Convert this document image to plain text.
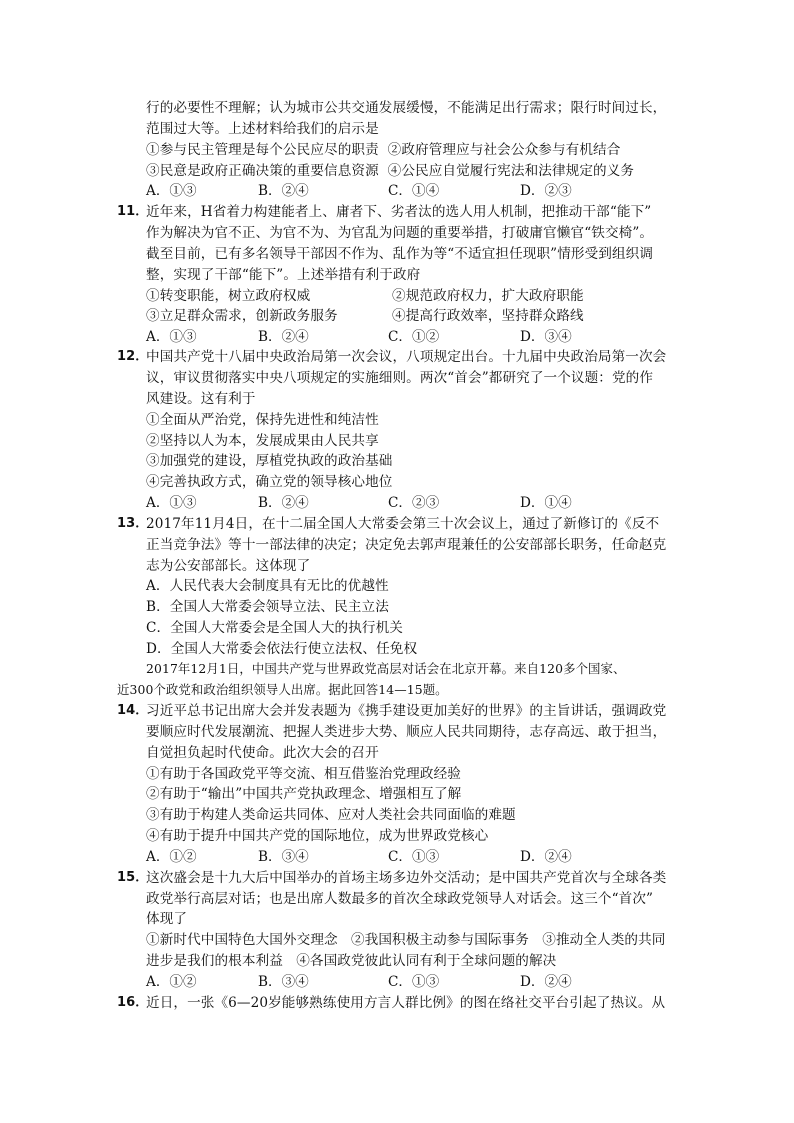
行的必要性不理解；认为城市公共交通发展缓慢，不能满足出行需求；限行时间过长，
范围过大等。上述材料给我们的启示是
①参与民主管理是每个公民应尽的职责  ②政府管理应与社会公众参与有机结合
③民意是政府正确决策的重要信息资源  ④公民应自觉履行宪法和法律规定的义务
A．①③	B．②④	C．①④	D．②③
11．
近年来，H省着力构建能者上、庸者下、劣者汰的选人用人机制，把推动干部“能下”
作为解决为官不正、为官不为、为官乱为问题的重要举措，打破庸官懒官“铁交椅”。
截至目前，已有多名领导干部因不作为、乱作为等“不适宜担任现职”情形受到组织调
整，实现了干部“能下”。上述举措有利于政府
①转变职能，树立政府权威	②规范政府权力，扩大政府职能
③立足群众需求，创新政务服务	④提高行政效率，坚持群众路线
A．①③	B．②④	C．①②	D．③④
12．
中国共产党十八届中央政治局第一次会议，八项规定出台。十九届中央政治局第一次会
议，审议贯彻落实中央八项规定的实施细则。两次“首会”都研究了一个议题：党的作
风建设。这有利于
①全面从严治党，保持先进性和纯洁性
②坚持以人为本，发展成果由人民共享
③加强党的建设，厚植党执政的政治基础
④完善执政方式，确立党的领导核心地位
A．①③	B．②④	C．②③	D．①④
13．
2017年11月4日，在十二届全国人大常委会第三十次会议上，通过了新修订的《反不
正当竞争法》等十一部法律的决定；决定免去郭声琨兼任的公安部部长职务，任命赵克
志为公安部部长。这体现了
A．人民代表大会制度具有无比的优越性
B．全国人大常委会领导立法、民主立法
C．全国人大常委会是全国人大的执行机关
D．全国人大常委会依法行使立法权、任免权
2017年12月1日，中国共产党与世界政党高层对话会在北京开幕。来自120多个国家、
近300个政党和政治组织领导人出席。据此回答14—15题。
14．
习近平总书记出席大会并发表题为《携手建设更加美好的世界》的主旨讲话，强调政党
要顺应时代发展潮流、把握人类进步大势、顺应人民共同期待，志存高远、敢于担当，
自觉担负起时代使命。此次大会的召开
①有助于各国政党平等交流、相互借鉴治党理政经验
②有助于“输出”中国共产党执政理念、增强相互了解
③有助于构建人类命运共同体、应对人类社会共同面临的难题
④有助于提升中国共产党的国际地位，成为世界政党核心
A．①②	B．③④	C．①③	D．②④
15．
这次盛会是十九大后中国举办的首场主场多边外交活动；是中国共产党首次与全球各类
政党举行高层对话；也是出席人数最多的首次全球政党领导人对话会。这三个“首次”
体现了
①新时代中国特色大国外交理念   ②我国积极主动参与国际事务   ③推动全人类的共同
进步是我们的根本利益   ④各国政党彼此认同有利于全球问题的解决
A．①②	B．③④	C．①③	D．②④
16．
近日，一张《6—20岁能够熟练使用方言人群比例》的图在络社交平台引起了热议。从
